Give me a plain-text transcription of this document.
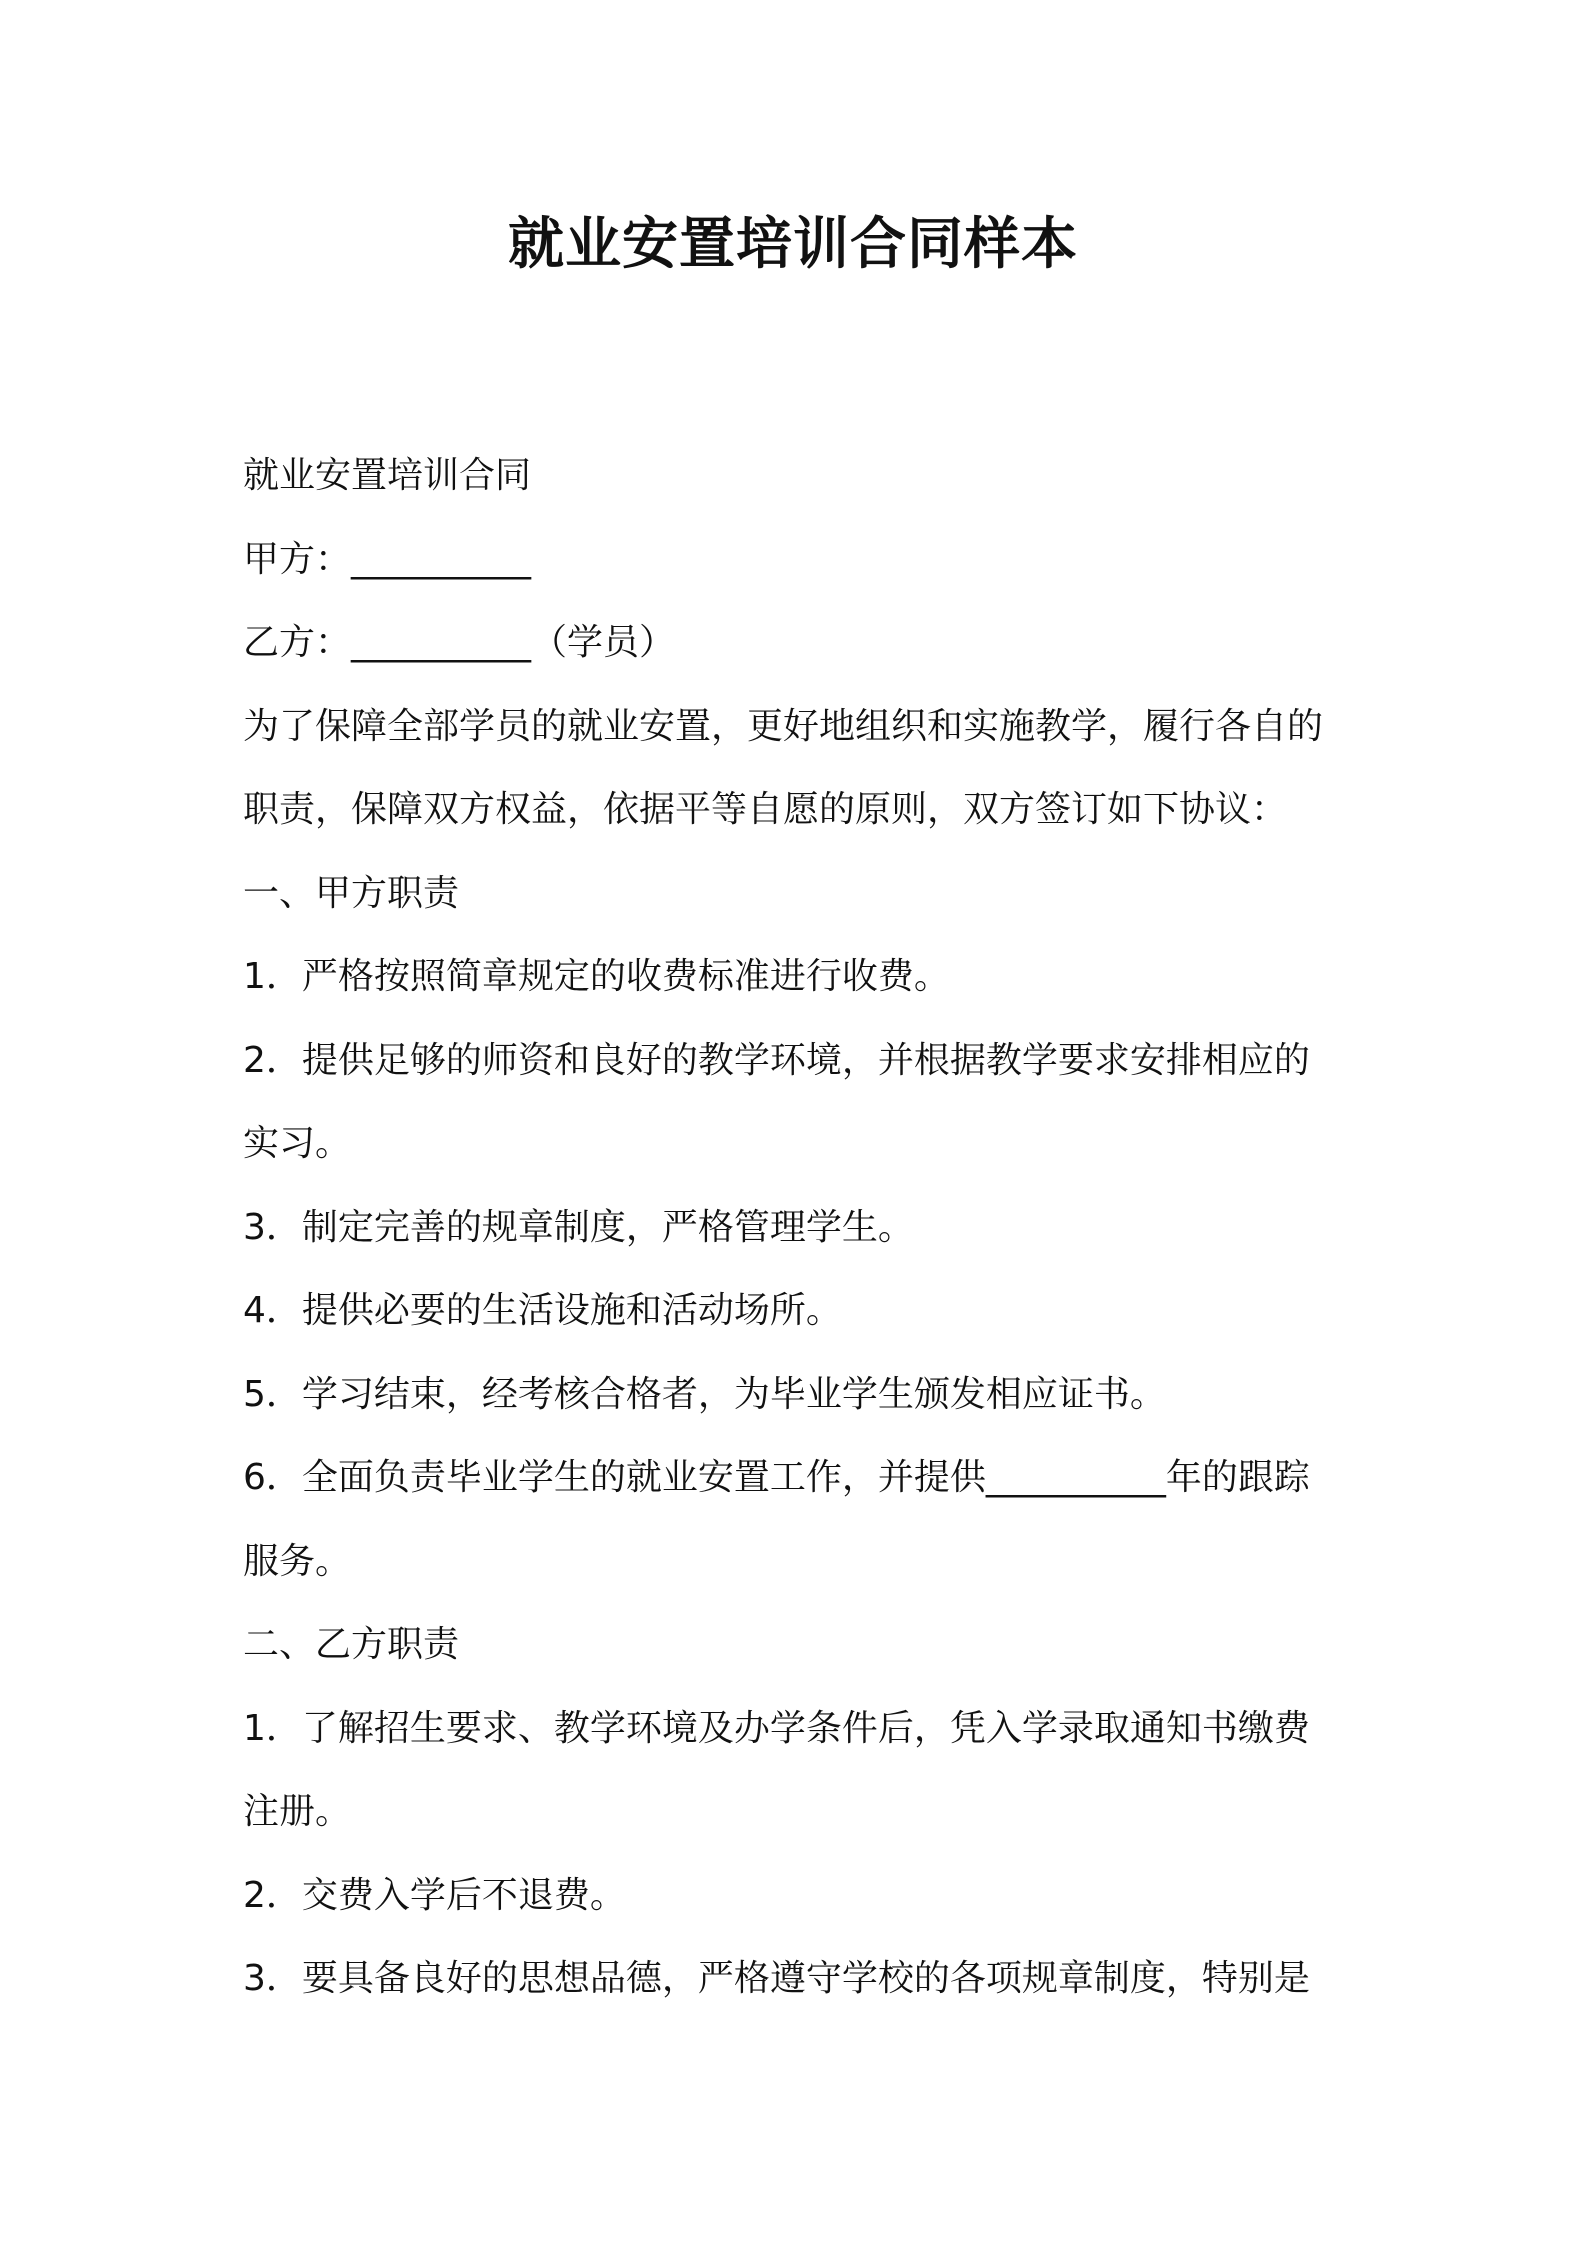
就业安置培训合同样本
就业安置培训合同
甲方：__________
乙方：__________（学员）
为了保障全部学员的就业安置，更好地组织和实施教学，履行各自的
职责，保障双方权益，依据平等自愿的原则，双方签订如下协议：
一、甲方职责
1．严格按照简章规定的收费标准进行收费。
2．提供足够的师资和良好的教学环境，并根据教学要求安排相应的
实习。
3．制定完善的规章制度，严格管理学生。
4．提供必要的生活设施和活动场所。
5．学习结束，经考核合格者，为毕业学生颁发相应证书。
6．全面负责毕业学生的就业安置工作，并提供__________年的跟踪
服务。
二、乙方职责
1．了解招生要求、教学环境及办学条件后，凭入学录取通知书缴费
注册。
2．交费入学后不退费。
3．要具备良好的思想品德，严格遵守学校的各项规章制度，特别是
